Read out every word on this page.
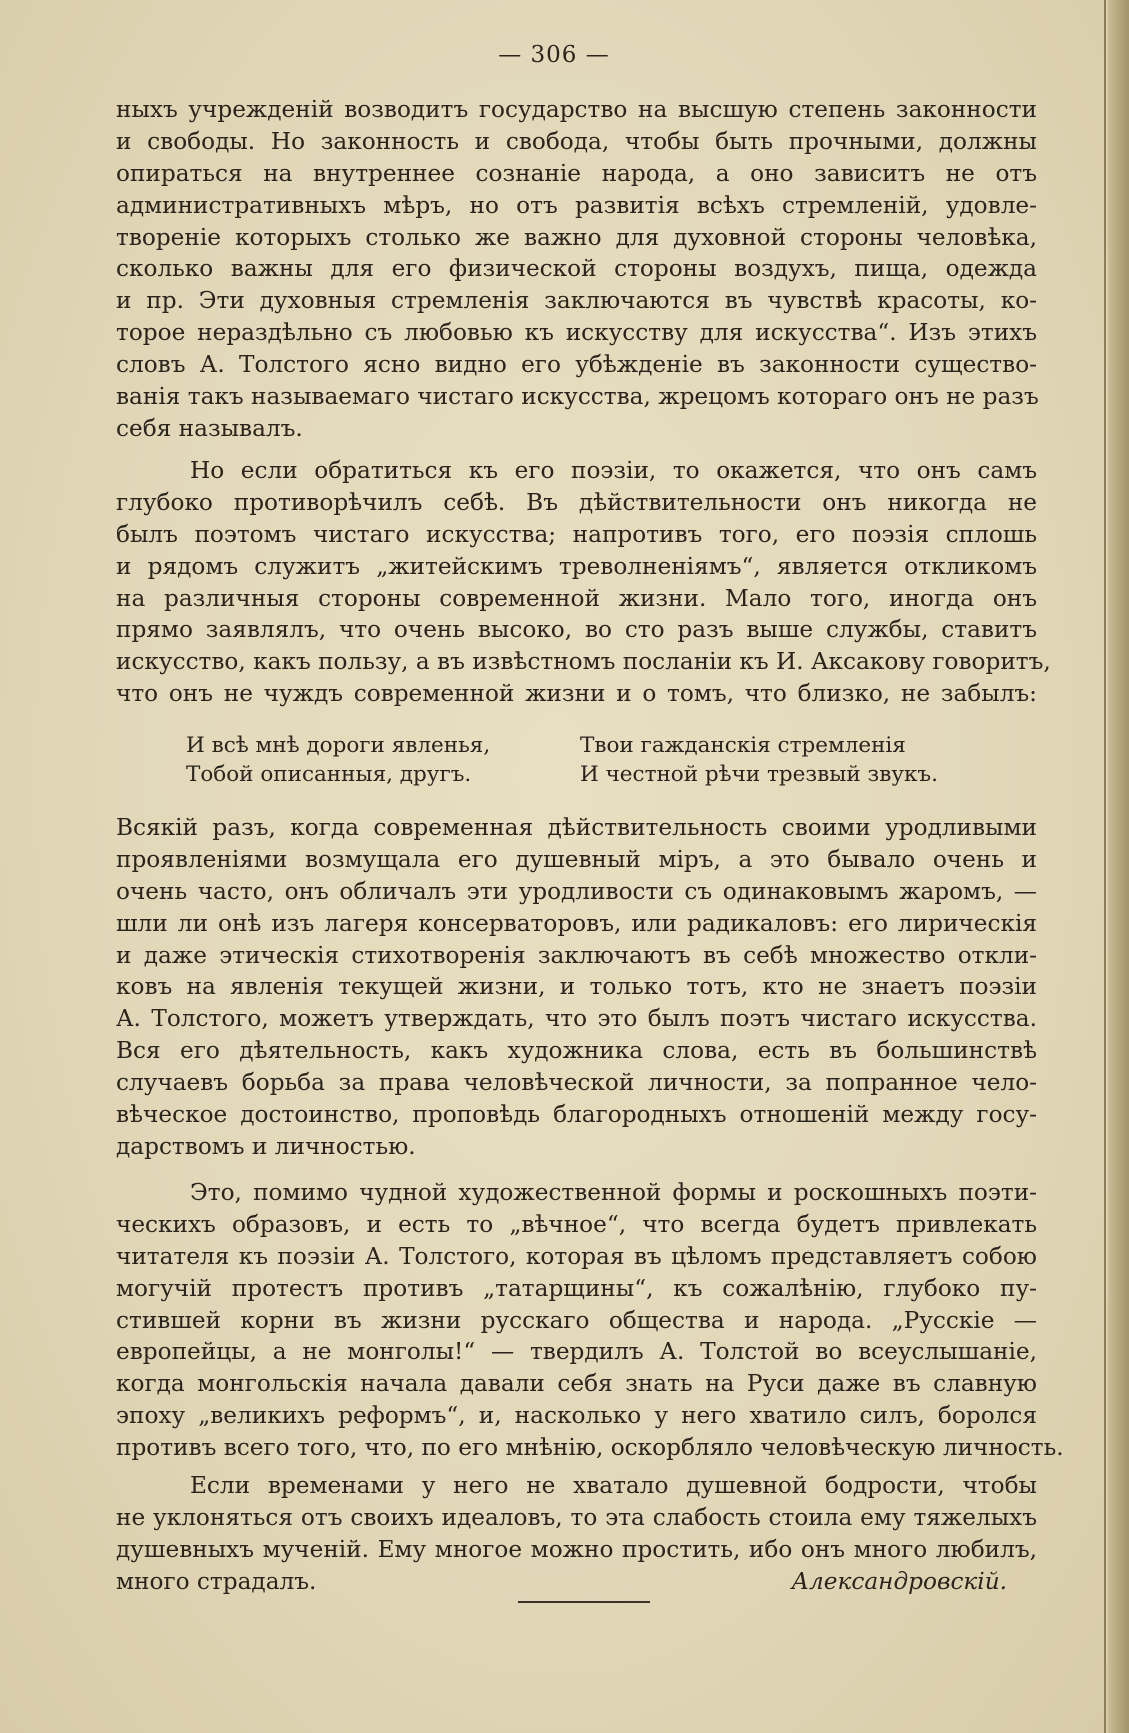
— 306 —
ныхъ учрежденій возводитъ государство на высшую степень законности
и свободы. Но законность и свобода, чтобы быть прочными, должны
опираться на внутреннее сознаніе народа, а оно зависитъ не отъ
административныхъ мѣръ, но отъ развитія всѣхъ стремленій, удовле-
твореніе которыхъ столько же важно для духовной стороны человѣка,
сколько важны для его физической стороны воздухъ, пища, одежда
и пр. Эти духовныя стремленія заключаются въ чувствѣ красоты, ко-
торое нераздѣльно съ любовью къ искусству для искусства“. Изъ этихъ
словъ А. Толстого ясно видно его убѣжденіе въ законности существо-
ванія такъ называемаго чистаго искусства, жрецомъ котораго онъ не разъ
себя называлъ.
Но если обратиться къ его поэзіи, то окажется, что онъ самъ
глубоко противорѣчилъ себѣ. Въ дѣйствительности онъ никогда не
былъ поэтомъ чистаго искусства; напротивъ того, его поэзія сплошь
и рядомъ служитъ „житейскимъ треволненіямъ“, является откликомъ
на различныя стороны современной жизни. Мало того, иногда онъ
прямо заявлялъ, что очень высоко, во сто разъ выше службы, ставитъ
искусство, какъ пользу, а въ извѣстномъ посланіи къ И. Аксакову говоритъ,
что онъ не чуждъ современной жизни и о томъ, что близко, не забылъ:
И всѣ мнѣ дороги явленья,
Тобой описанныя, другъ.
Твои гажданскія стремленія
И честной рѣчи трезвый звукъ.
Всякій разъ, когда современная дѣйствительность своими уродливыми
проявленіями возмущала его душевный міръ, а это бывало очень и
очень часто, онъ обличалъ эти уродливости съ одинаковымъ жаромъ, —
шли ли онѣ изъ лагеря консерваторовъ, или радикаловъ: его лирическія
и даже этическія стихотворенія заключаютъ въ себѣ множество откли-
ковъ на явленія текущей жизни, и только тотъ, кто не знаетъ поэзіи
А. Толстого, можетъ утверждать, что это былъ поэтъ чистаго искусства.
Вся его дѣятельность, какъ художника слова, есть въ большинствѣ
случаевъ борьба за права человѣческой личности, за попранное чело-
вѣческое достоинство, проповѣдь благородныхъ отношеній между госу-
дарствомъ и личностью.
Это, помимо чудной художественной формы и роскошныхъ поэти-
ческихъ образовъ, и есть то „вѣчное“, что всегда будетъ привлекать
читателя къ поэзіи А. Толстого, которая въ цѣломъ представляетъ собою
могучій протестъ противъ „татарщины“, къ сожалѣнію, глубоко пу-
стившей корни въ жизни русскаго общества и народа. „Русскіе —
европейцы, а не монголы!“ — твердилъ А. Толстой во всеуслышаніе,
когда монгольскія начала давали себя знать на Руси даже въ славную
эпоху „великихъ реформъ“, и, насколько у него хватило силъ, боролся
противъ всего того, что, по его мнѣнію, оскорбляло человѣческую личность.
Если временами у него не хватало душевной бодрости, чтобы
не уклоняться отъ своихъ идеаловъ, то эта слабость стоила ему тяжелыхъ
душевныхъ мученій. Ему многое можно простить, ибо онъ много любилъ,
много страдалъ.	Александровскій.
